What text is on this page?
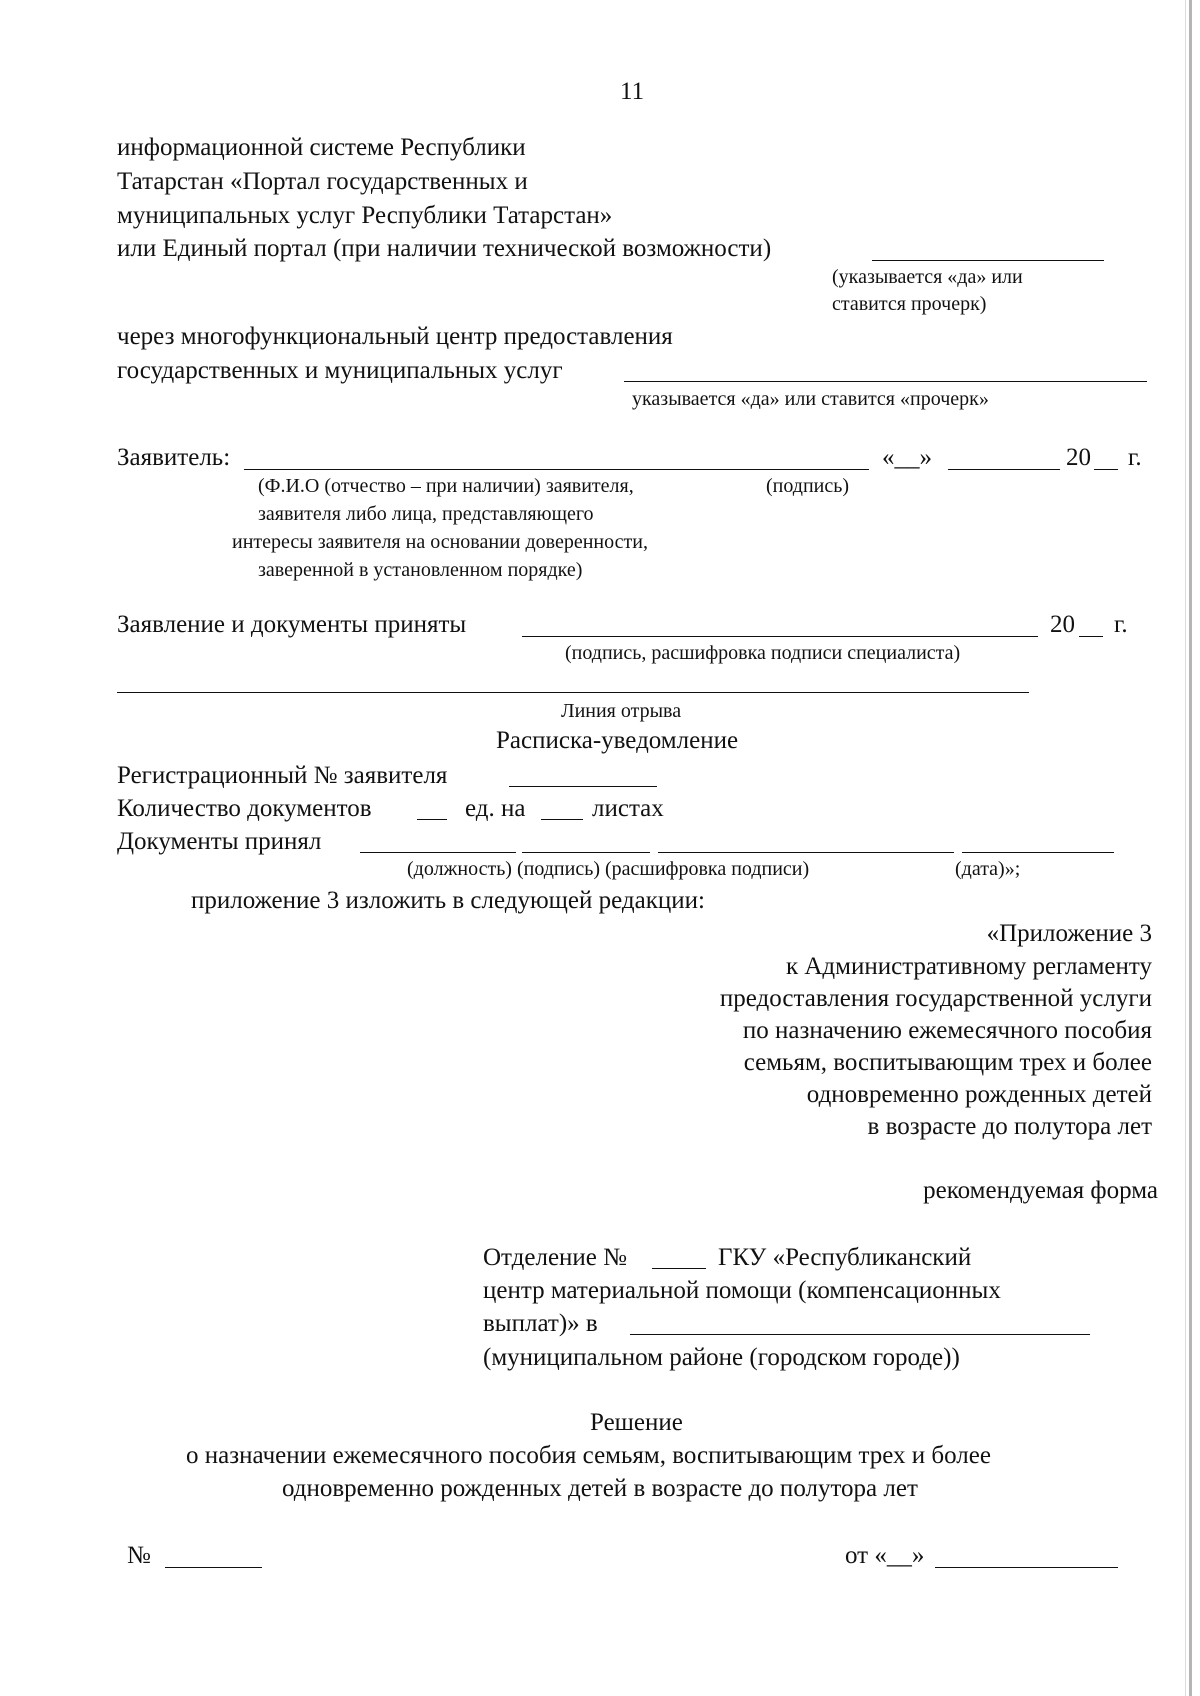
11
информационной системе Республики
Татарстан «Портал государственных и
муниципальных услуг Республики Татарстан»
или Единый портал (при наличии технической возможности)
(указывается «да» или
ставится прочерк)
через многофункциональный центр предоставления
государственных и муниципальных услуг
указывается «да» или ставится «прочерк»
Заявитель:	«__»	20 г.
(Ф.И.О (отчество – при наличии) заявителя,	(подпись)
заявителя либо лица, представляющего
интересы заявителя на основании доверенности,
заверенной в установленном порядке)
Заявление и документы приняты	20 г.
(подпись, расшифровка подписи специалиста)
Линия отрыва
Расписка-уведомление
Регистрационный № заявителя
Количество документов	ед. на	листах
Документы принял
(должность) (подпись) (расшифровка подписи)	(дата)»;
приложение 3 изложить в следующей редакции:
«Приложение 3
к Административному регламенту
предоставления государственной услуги
по назначению ежемесячного пособия
семьям, воспитывающим трех и более
одновременно рожденных детей
в возрасте до полутора лет
рекомендуемая форма
Отделение №	ГКУ «Республиканский
центр материальной помощи (компенсационных
выплат)» в
(муниципальном районе (городском городе))
Решение
о назначении ежемесячного пособия семьям, воспитывающим трех и более
одновременно рожденных детей в возрасте до полутора лет
№	от «__»
